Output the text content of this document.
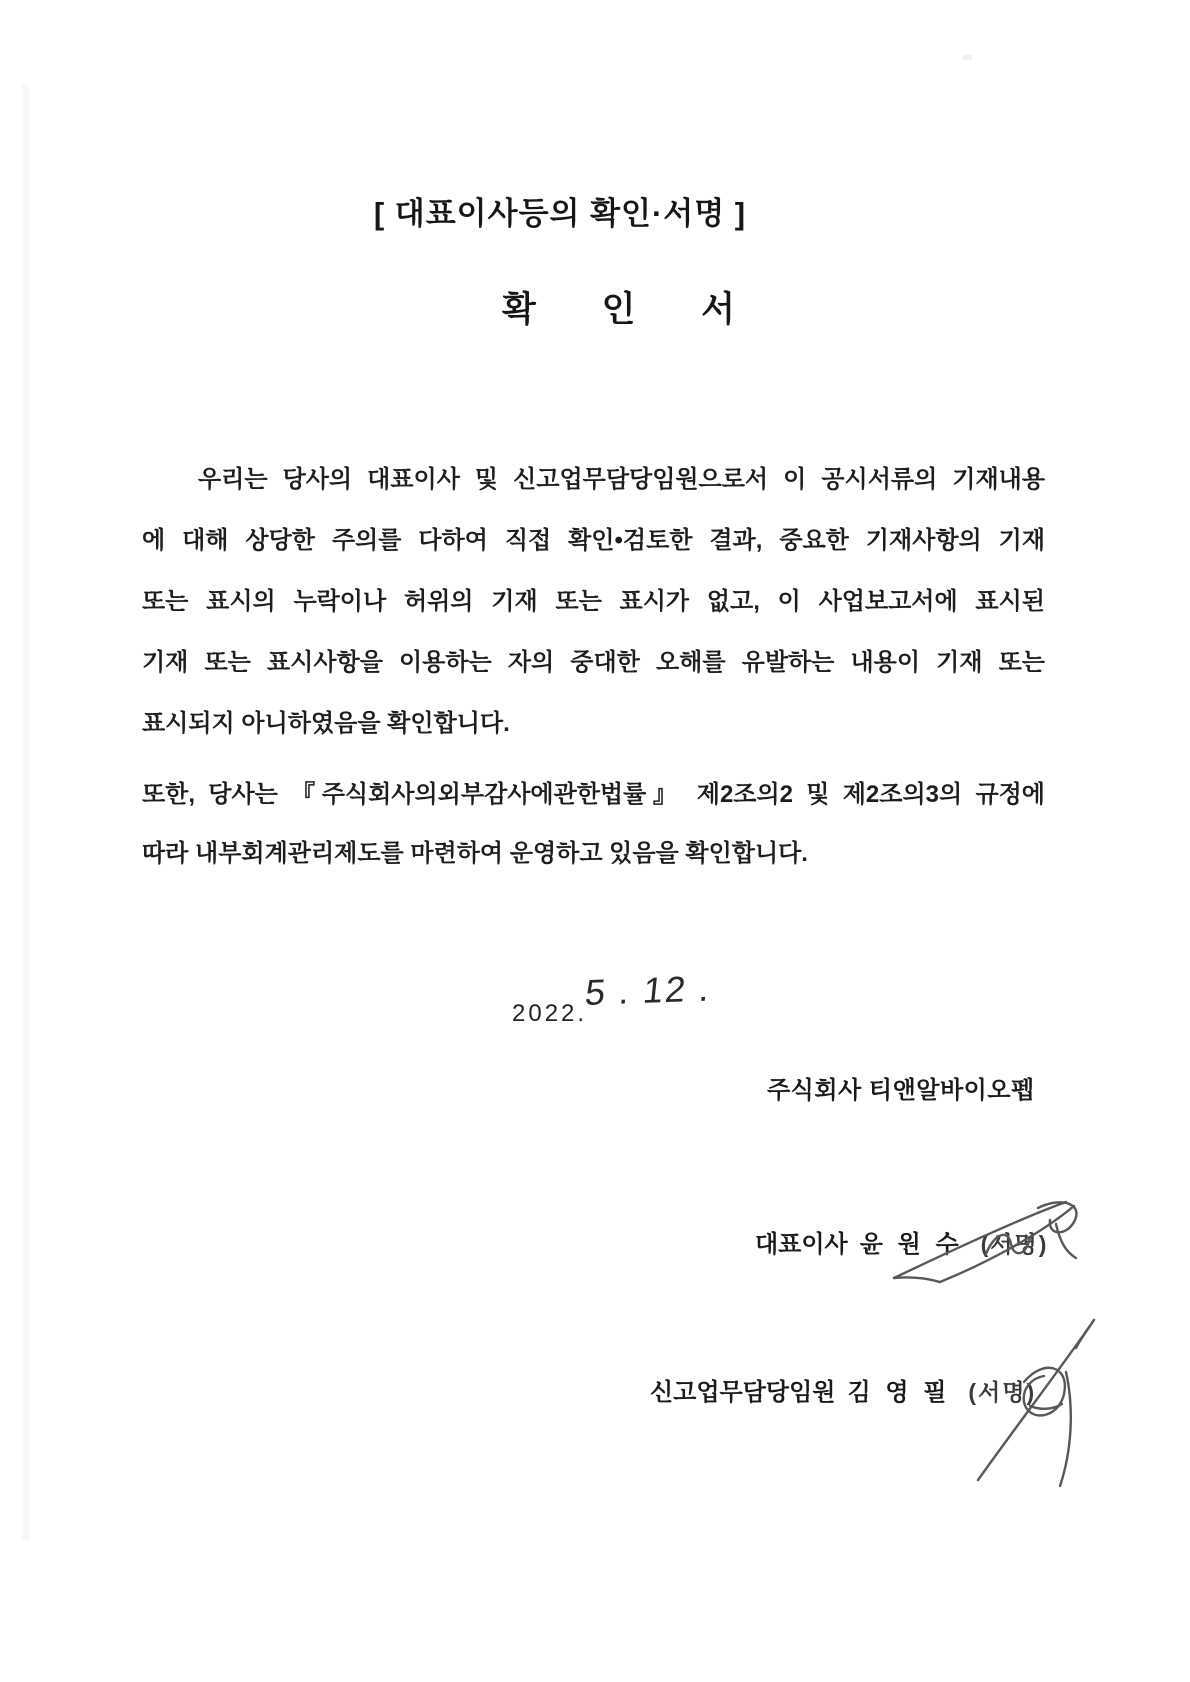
[ 대표이사등의 확인·서명 ]
확 인 서
우리는 당사의 대표이사 및 신고업무담당임원으로서 이 공시서류의 기재내용
에 대해 상당한 주의를 다하여 직접 확인•검토한 결과, 중요한 기재사항의 기재
또는 표시의 누락이나 허위의 기재 또는 표시가 없고, 이 사업보고서에 표시된
기재 또는 표시사항을 이용하는 자의 중대한 오해를 유발하는 내용이 기재 또는
표시되지 아니하였음을 확인합니다.
또한, 당사는 『주식회사의외부감사에관한법률』 제2조의2 및 제2조의3의 규정에
따라 내부회계관리제도를 마련하여 운영하고 있음을 확인합니다.
2022.
5 . 12 .
주식회사 티앤알바이오펩
대표이사 윤 원 수 (서명)
신고업무담당임원 김 영 필 (서명)
